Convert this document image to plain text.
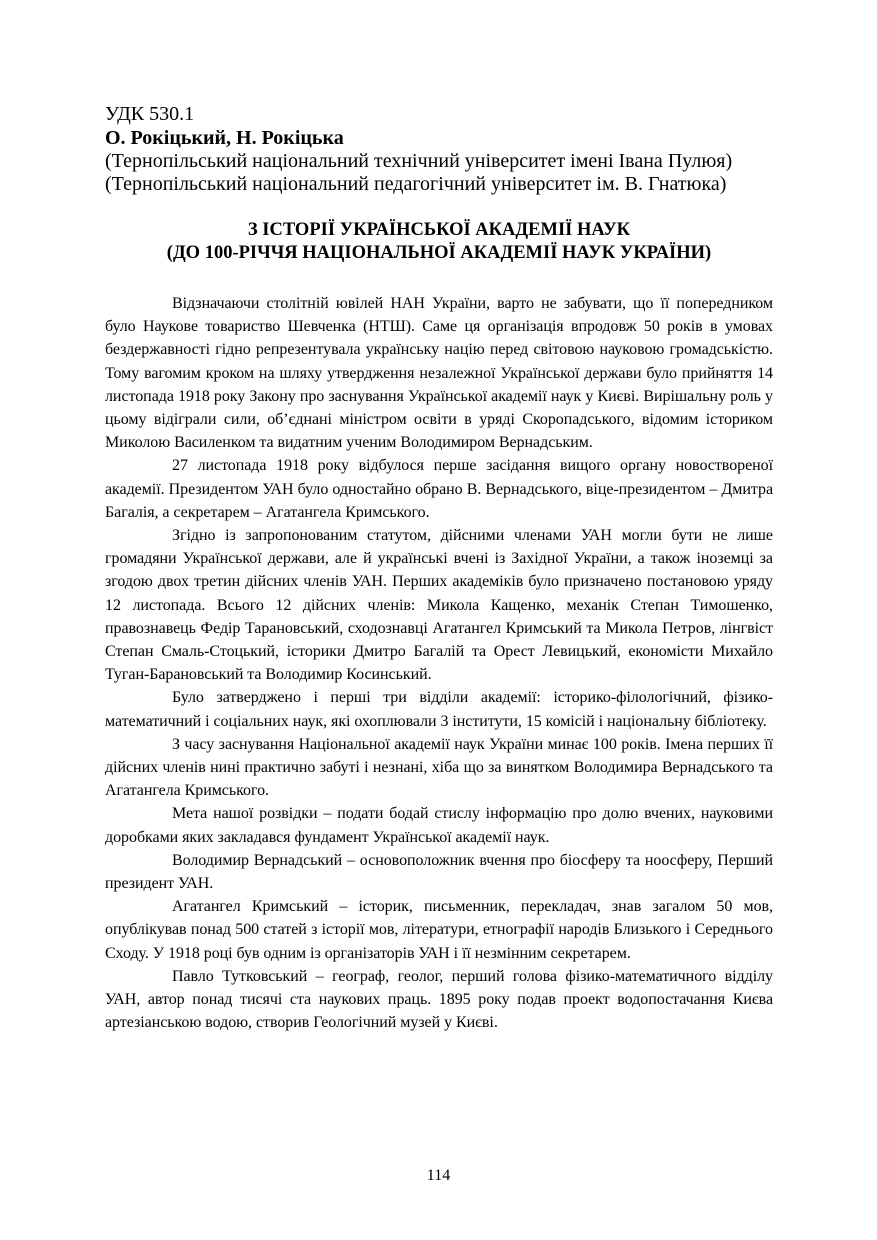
УДК 530.1

О. Рокіцький, Н. Рокіцька

(Тернопільський національний технічний університет імені Івана Пулюя)

(Тернопільський національний педагогічний університет ім. В. Гнатюка)

З ІСТОРІЇ УКРАЇНСЬКОЇ АКАДЕМІЇ НАУК
(ДО 100-РІЧЧЯ НАЦІОНАЛЬНОЇ АКАДЕМІЇ НАУК УКРАЇНИ)

Відзначаючи столітній ювілей НАН України, варто не забувати, що її попередником було Наукове товариство Шевченка (НТШ). Саме ця організація впродовж 50 років в умовах бездержавності гідно репрезентувала українську націю перед світовою науковою громадськістю. Тому вагомим кроком на шляху утвердження незалежної Української держави було прийняття 14 листопада 1918 року Закону про заснування Української академії наук у Києві. Вирішальну роль у цьому відіграли сили, об’єднані міністром освіти в уряді Скоропадського, відомим істориком Миколою Василенком та видатним ученим Володимиром Вернадським.

27 листопада 1918 року відбулося перше засідання вищого органу новоствореної академії. Президентом УАН було одностайно обрано В. Вернадського, віце-президентом – Дмитра Багалія, а секретарем – Агатангела Кримського.

Згідно із запропонованим статутом, дійсними членами УАН могли бути не лише громадяни Української держави, але й українські вчені із Західної України, а також іноземці за згодою двох третин дійсних членів УАН. Перших академіків було призначено постановою уряду 12 листопада. Всього 12 дійсних членів: Микола Кащенко, механік Степан Тимошенко, правознавець Федір Тарановський, сходознавці Агатангел Кримський та Микола Петров, лінгвіст Степан Смаль-Стоцький, історики Дмитро Багалій та Орест Левицький, економісти Михайло Туган-Барановський та Володимир Косинський.

Було затверджено і перші три відділи академії: історико-філологічний, фізико-математичний і соціальних наук, які охоплювали 3 інститути, 15 комісій і національну бібліотеку.

З часу заснування Національної академії наук України минає 100 років. Імена перших її дійсних членів нині практично забуті і незнані, хіба що за винятком Володимира Вернадського та Агатангела Кримського.

Мета нашої розвідки – подати бодай стислу інформацію про долю вчених, науковими доробками яких закладався фундамент Української академії наук.

Володимир Вернадський – основоположник вчення про біосферу та ноосферу, Перший президент УАН.

Агатангел Кримський – історик, письменник, перекладач, знав загалом 50 мов, опублікував понад 500 статей з історії мов, літератури, етнографії народів Близького і Середнього Сходу. У 1918 році був одним із організаторів УАН і її незмінним секретарем.

Павло Тутковський – географ, геолог, перший голова фізико-математичного відділу УАН, автор понад тисячі ста наукових праць. 1895 року подав проект водопостачання Києва артезіанською водою, створив Геологічний музей у Києві.

114
